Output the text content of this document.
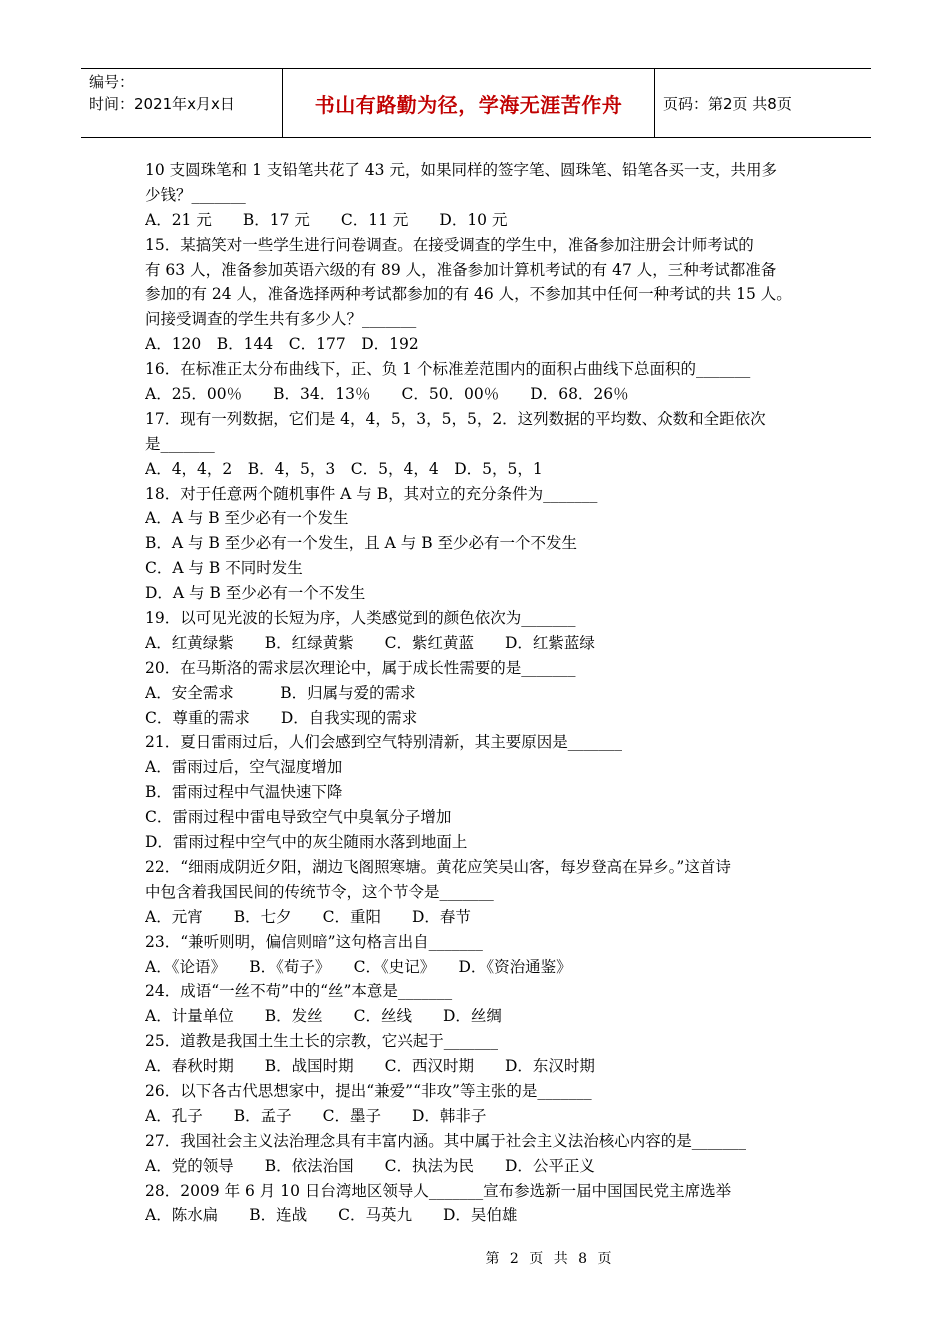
编号：
时间：2021年x月x日	书山有路勤为径，学海无涯苦作舟	页码：第2页 共8页
10 支圆珠笔和 1 支铅笔共花了 43 元，如果同样的签字笔、圆珠笔、铅笔各买一支，共用多
少钱？_______
A．21 元　　B．17 元　　C．11 元　　D．10 元
15．某搞笑对一些学生进行问卷调查。在接受调查的学生中，准备参加注册会计师考试的
有 63 人，准备参加英语六级的有 89 人，准备参加计算机考试的有 47 人，三种考试都准备
参加的有 24 人，准备选择两种考试都参加的有 46 人，不参加其中任何一种考试的共 15 人。
问接受调查的学生共有多少人？_______
A．120　B．144　C．177　D．192
16．在标准正太分布曲线下，正、负 1 个标准差范围内的面积占曲线下总面积的_______
A．25．00％　　B．34．13％　　C．50．00％　　D．68．26％
17．现有一列数据，它们是 4，4，5，3，5，5，2．这列数据的平均数、众数和全距依次
是_______
A．4，4，2　B．4，5，3　C．5，4，4　D．5，5，1
18．对于任意两个随机事件 A 与 B，其对立的充分条件为_______
A．A 与 B 至少必有一个发生
B．A 与 B 至少必有一个发生，且 A 与 B 至少必有一个不发生
C．A 与 B 不同时发生
D．A 与 B 至少必有一个不发生
19．以可见光波的长短为序，人类感觉到的颜色依次为_______
A．红黄绿紫　　B．红绿黄紫　　C．紫红黄蓝　　D．红紫蓝绿
20．在马斯洛的需求层次理论中，属于成长性需要的是_______
A．安全需求　　　B．归属与爱的需求
C．尊重的需求　　D．自我实现的需求
21．夏日雷雨过后，人们会感到空气特别清新，其主要原因是_______
A．雷雨过后，空气湿度增加
B．雷雨过程中气温快速下降
C．雷雨过程中雷电导致空气中臭氧分子增加
D．雷雨过程中空气中的灰尘随雨水落到地面上
22．“细雨成阴近夕阳，湖边飞阁照寒塘。黄花应笑吴山客，每岁登高在异乡。”这首诗
中包含着我国民间的传统节令，这个节令是_______
A．元宵　　B．七夕　　C．重阳　　D．春节
23．“兼听则明，偏信则暗”这句格言出自_______
A．《论语》　　B．《荀子》　　C．《史记》　　D．《资治通鉴》
24．成语“一丝不苟”中的“丝”本意是_______
A．计量单位　　B．发丝　　C．丝线　　D．丝绸
25．道教是我国土生土长的宗教，它兴起于_______
A．春秋时期　　B．战国时期　　C．西汉时期　　D．东汉时期
26．以下各古代思想家中，提出“兼爱”“非攻”等主张的是_______
A．孔子　　B．孟子　　C．墨子　　D．韩非子
27．我国社会主义法治理念具有丰富内涵。其中属于社会主义法治核心内容的是_______
A．党的领导　　B．依法治国　　C．执法为民　　D．公平正义
28．2009 年 6 月 10 日台湾地区领导人_______宣布参选新一届中国国民党主席选举
A．陈水扁　　B．连战　　C．马英九　　D．吴伯雄
第 2 页 共 8 页
